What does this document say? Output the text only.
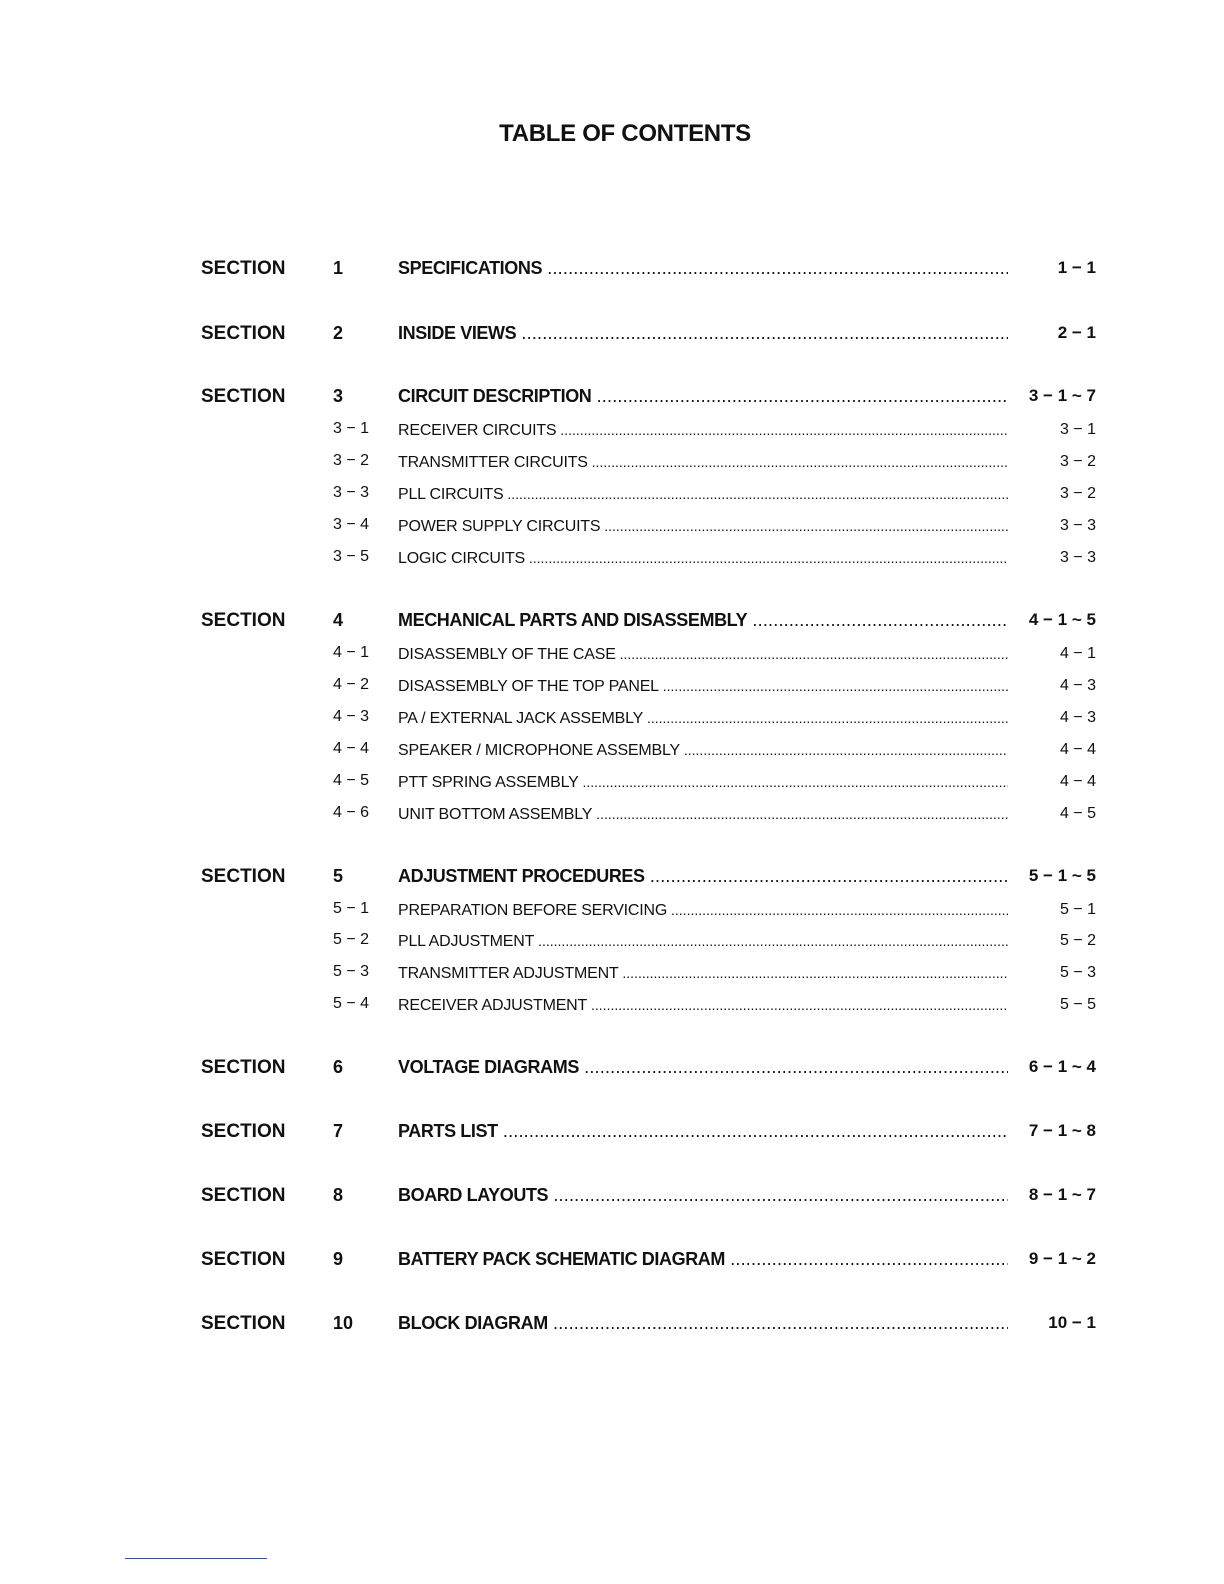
TABLE OF CONTENTS
SECTION	1	SPECIFICATIONS .....	1 − 1
SECTION	2	INSIDE VIEWS .....	2 − 1
SECTION	3	CIRCUIT DESCRIPTION .....	3 − 1 ~ 7
3 − 1 RECEIVER CIRCUITS .....	3 − 1
3 − 2 TRANSMITTER CIRCUITS .....	3 − 2
3 − 3 PLL CIRCUITS .....	3 − 2
3 − 4 POWER SUPPLY CIRCUITS .....	3 − 3
3 − 5 LOGIC CIRCUITS .....	3 − 3
SECTION	4	MECHANICAL PARTS AND DISASSEMBLY .....	4 − 1 ~ 5
4 − 1 DISASSEMBLY OF THE CASE .....	4 − 1
4 − 2 DISASSEMBLY OF THE TOP PANEL .....	4 − 3
4 − 3 PA / EXTERNAL JACK ASSEMBLY .....	4 − 3
4 − 4 SPEAKER / MICROPHONE ASSEMBLY .....	4 − 4
4 − 5 PTT SPRING ASSEMBLY .....	4 − 4
4 − 6 UNIT BOTTOM ASSEMBLY .....	4 − 5
SECTION	5	ADJUSTMENT PROCEDURES .....	5 − 1 ~ 5
5 − 1 PREPARATION BEFORE SERVICING .....	5 − 1
5 − 2 PLL ADJUSTMENT .....	5 − 2
5 − 3 TRANSMITTER ADJUSTMENT .....	5 − 3
5 − 4 RECEIVER ADJUSTMENT .....	5 − 5
SECTION	6	VOLTAGE DIAGRAMS .....	6 − 1 ~ 4
SECTION	7	PARTS LIST .....	7 − 1 ~ 8
SECTION	8	BOARD LAYOUTS .....	8 − 1 ~ 7
SECTION	9	BATTERY PACK SCHEMATIC DIAGRAM .....	9 − 1 ~ 2
SECTION	10 BLOCK DIAGRAM .....	10 − 1
